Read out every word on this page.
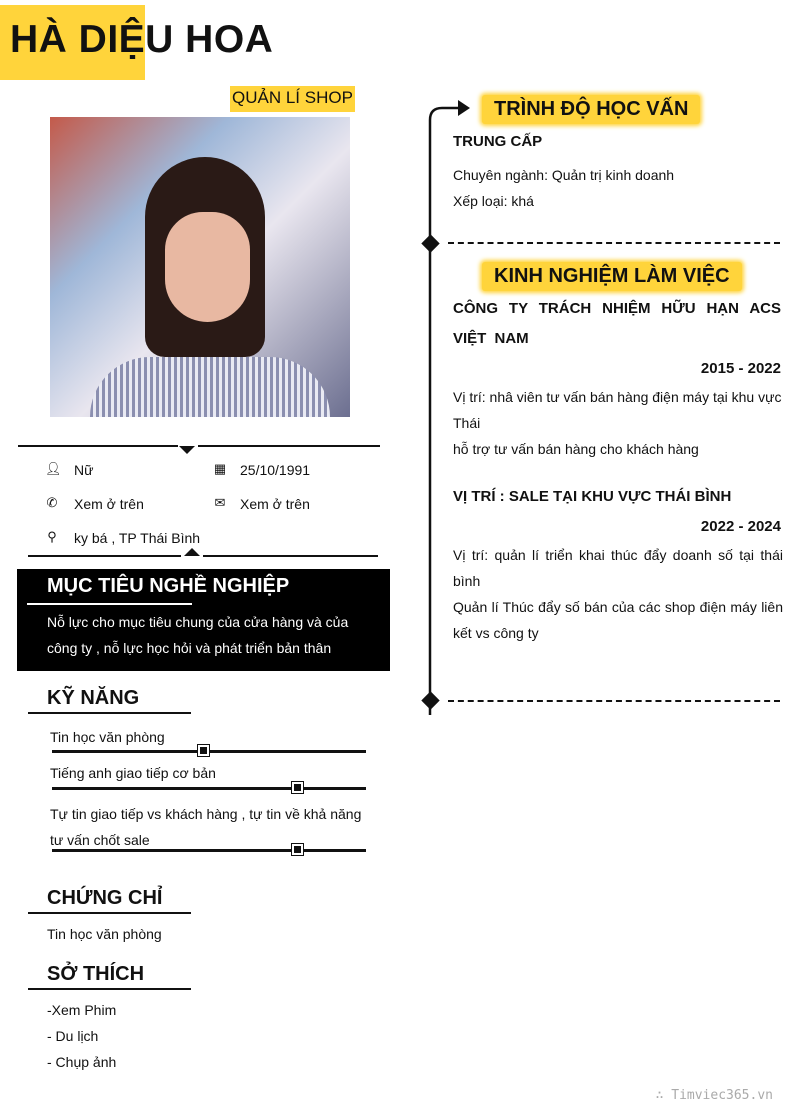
HÀ DIỆU HOA
QUẢN LÍ SHOP
👤︎ Nữ	▦ 25/10/1991
✆ Xem ở trên	✉ Xem ở trên
⚲ ky bá , TP Thái Bình
MỤC TIÊU NGHỀ NGHIỆP
Nỗ lực cho mục tiêu chung của cửa hàng và của công ty , nỗ lực học hỏi và phát triển bản thân
KỸ NĂNG
Tin học văn phòng
Tiếng anh giao tiếp cơ bản
Tự tin giao tiếp vs khách hàng , tự tin về khả năng tư vấn chốt sale
CHỨNG CHỈ
Tin học văn phòng
SỞ THÍCH
-Xem Phim
- Du lịch
- Chụp ảnh
TRÌNH ĐỘ HỌC VẤN
TRUNG CẤP
Chuyên ngành: Quản trị kinh doanh
Xếp loại: khá
KINH NGHIỆM LÀM VIỆC
CÔNG TY TRÁCH NHIỆM HỮU HẠN ACS VIỆT NAM
2015 - 2022
Vị trí: nhâ viên tư vấn bán hàng điện máy tại khu vực Thái
hỗ trợ tư vấn bán hàng cho khách hàng
VỊ TRÍ : SALE TẠI KHU VỰC THÁI BÌNH
2022 - 2024
Vị trí: quản lí triển khai thúc đẩy doanh số tại thái bình
Quản lí Thúc đẩy số bán của các shop điện máy liên kết vs công ty
∴ Timviec365.vn
